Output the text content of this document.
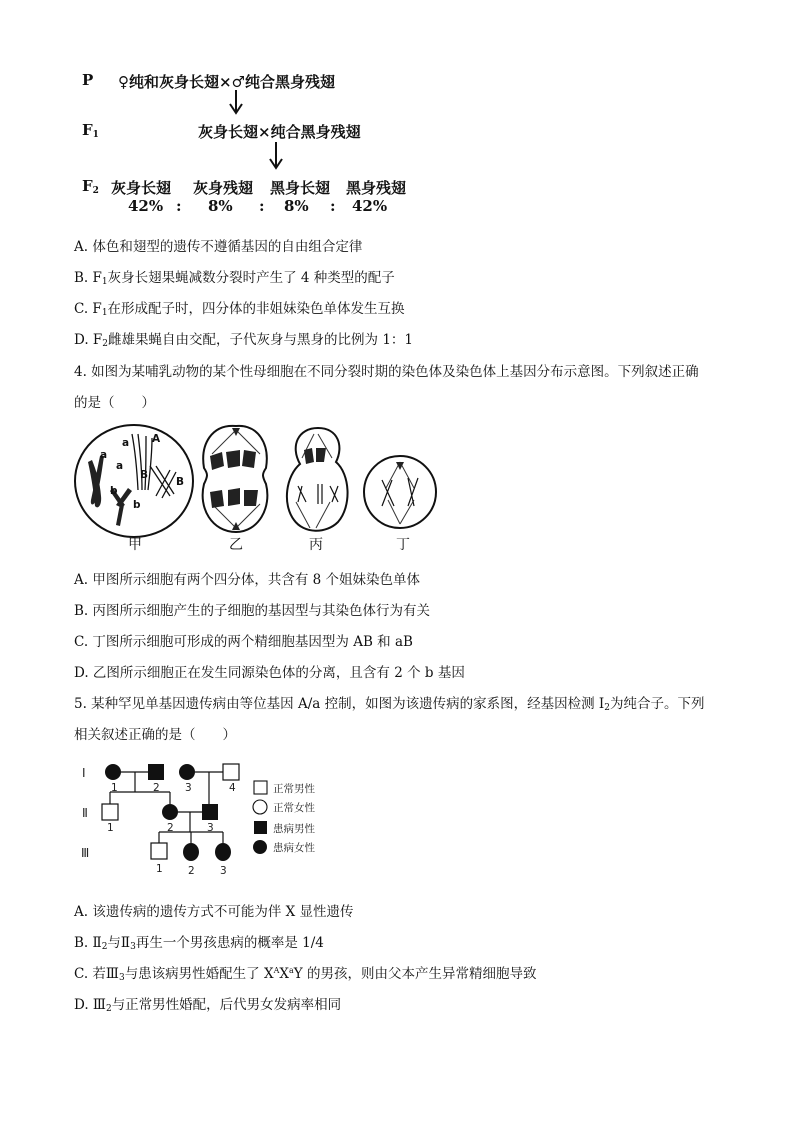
P ♀纯和灰身长翅×♂纯合黑身残翅
$F_1$	灰身长翅×纯合黑身残翅
$F_2$ 灰身长翅 灰身残翅 黑身长翅 黑身残翅
42% : 8% : 8% : 42%
A. 体色和翅型的遗传不遵循基因的自由组合定律
B. $F_1$灰身长翅果蝇减数分裂时产生了 4 种类型的配子
C. $F_1$在形成配子时，四分体的非姐妹染色单体发生互换
D. $F_2$雌雄果蝇自由交配，子代灰身与黑身的比例为 1：1
4. 如图为某哺乳动物的某个性母细胞在不同分裂时期的染色体及染色体上基因分布示意图。下列叙述正确
的是（　　）
a
a
a A
B
B
b
b
甲	乙	丙	丁
A. 甲图所示细胞有两个四分体，共含有 8 个姐妹染色单体
B. 丙图所示细胞产生的子细胞的基因型与其染色体行为有关
C. 丁图所示细胞可形成的两个精细胞基因型为 AB 和 aB
D. 乙图所示细胞正在发生同源染色体的分离，且含有 2 个 b 基因
5. 某种罕见单基因遗传病由等位基因 A/a 控制，如图为该遗传病的家系图，经基因检测 $I_2$为纯合子。下列
相关叙述正确的是（　　）
Ⅰ
Ⅱ
Ⅲ
1	2 3	4
1	2	3
1 2 3
正常男性
正常女性
患病男性
患病女性
A. 该遗传病的遗传方式不可能为伴 X 显性遗传
B. $Ⅱ_2$与$Ⅱ_3$再生一个男孩患病的概率是 1/4
C. 若$Ⅲ_3$与患该病男性婚配生了 $X^AX^aY$ 的男孩，则由父本产生异常精细胞导致
D. $Ⅲ_2$与正常男性婚配，后代男女发病率相同
